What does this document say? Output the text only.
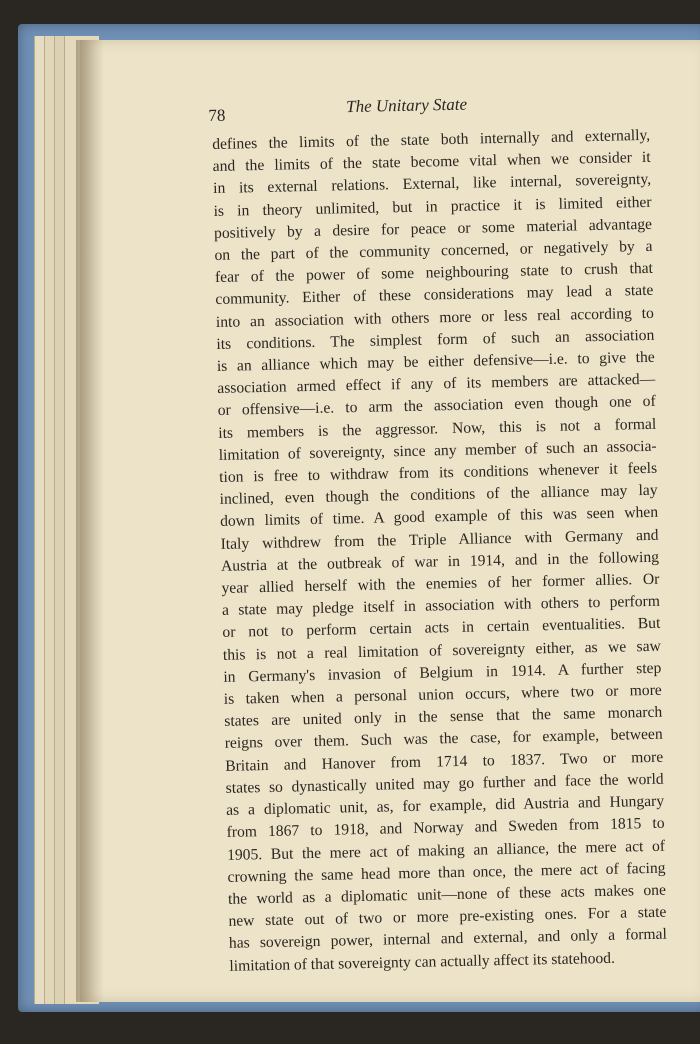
78	The Unitary State
defines the limits of the state both internally and externally,
and the limits of the state become vital when we consider it
in its external relations. External, like internal, sovereignty,
is in theory unlimited, but in practice it is limited either
positively by a desire for peace or some material advantage
on the part of the community concerned, or negatively by a
fear of the power of some neighbouring state to crush that
community. Either of these considerations may lead a state
into an association with others more or less real according to
its conditions. The simplest form of such an association
is an alliance which may be either defensive—i.e. to give the
association armed effect if any of its members are attacked—
or offensive—i.e. to arm the association even though one of
its members is the aggressor. Now, this is not a formal
limitation of sovereignty, since any member of such an associa-
tion is free to withdraw from its conditions whenever it feels
inclined, even though the conditions of the alliance may lay
down limits of time. A good example of this was seen when
Italy withdrew from the Triple Alliance with Germany and
Austria at the outbreak of war in 1914, and in the following
year allied herself with the enemies of her former allies. Or
a state may pledge itself in association with others to perform
or not to perform certain acts in certain eventualities. But
this is not a real limitation of sovereignty either, as we saw
in Germany's invasion of Belgium in 1914. A further step
is taken when a personal union occurs, where two or more
states are united only in the sense that the same monarch
reigns over them. Such was the case, for example, between
Britain and Hanover from 1714 to 1837. Two or more
states so dynastically united may go further and face the world
as a diplomatic unit, as, for example, did Austria and Hungary
from 1867 to 1918, and Norway and Sweden from 1815 to
1905. But the mere act of making an alliance, the mere act of
crowning the same head more than once, the mere act of facing
the world as a diplomatic unit—none of these acts makes one
new state out of two or more pre-existing ones. For a state
has sovereign power, internal and external, and only a formal
limitation of that sovereignty can actually affect its statehood.
